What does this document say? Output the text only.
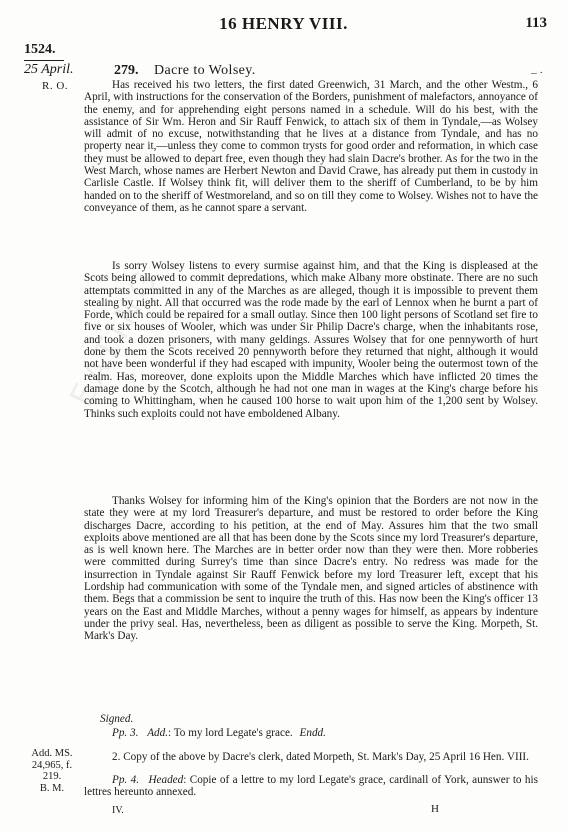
EATING
16 HENRY VIII.	113
1524.
25 April.
R. O.
279. Dacre to Wolsey.	– ·

Has received his two letters, the first dated Greenwich, 31 March, and the other Westm., 6 April, with instructions for the conservation of the Borders, punishment of malefactors, annoyance of the enemy, and for apprehending eight persons named in a schedule. Will do his best, with the assistance of Sir Wm. Heron and Sir Rauff Fenwick, to attach six of them in Tyndale,—as Wolsey will admit of no excuse, notwithstanding that he lives at a distance from Tyndale, and has no property near it,—unless they come to common trysts for good order and reformation, in which case they must be allowed to depart free, even though they had slain Dacre's brother. As for the two in the West March, whose names are Herbert Newton and David Crawe, has already put them in custody in Carlisle Castle. If Wolsey think fit, will deliver them to the sheriff of Cumberland, to be by him handed on to the sheriff of Westmoreland, and so on till they come to Wolsey. Wishes not to have the conveyance of them, as he cannot spare a servant.

Is sorry Wolsey listens to every surmise against him, and that the King is displeased at the Scots being allowed to commit depredations, which make Albany more obstinate. There are no such attemptats committed in any of the Marches as are alleged, though it is impossible to prevent them stealing by night. All that occurred was the rode made by the earl of Lennox when he burnt a part of Forde, which could be repaired for a small outlay. Since then 100 light persons of Scotland set fire to five or six houses of Wooler, which was under Sir Philip Dacre's charge, when the inhabitants rose, and took a dozen prisoners, with many geldings. Assures Wolsey that for one pennyworth of hurt done by them the Scots received 20 pennyworth before they returned that night, although it would not have been wonderful if they had escaped with impunity, Wooler being the outermost town of the realm. Has, moreover, done exploits upon the Middle Marches which have inflicted 20 times the damage done by the Scotch, although he had not one man in wages at the King's charge before his coming to Whittingham, when he caused 100 horse to wait upon him of the 1,200 sent by Wolsey. Thinks such exploits could not have emboldened Albany.

Thanks Wolsey for informing him of the King's opinion that the Borders are not now in the state they were at my lord Treasurer's departure, and must be restored to order before the King discharges Dacre, according to his petition, at the end of May. Assures him that the two small exploits above mentioned are all that has been done by the Scots since my lord Treasurer's departure, as is well known here. The Marches are in better order now than they were then. More robberies were committed during Surrey's time than since Dacre's entry. No redress was made for the insurrection in Tyndale against Sir Rauff Fenwick before my lord Treasurer left, except that his Lordship had communication with some of the Tyndale men, and signed articles of abstinence with them. Begs that a commission be sent to inquire the truth of this. Has now been the King's officer 13 years on the East and Middle Marches, without a penny wages for himself, as appears by indenture under the privy seal. Has, nevertheless, been as diligent as possible to serve the King. Morpeth, St. Mark's Day.

Signed.
Pp. 3. Add.: To my lord Legate's grace. Endd.
Add. MS.
24,965, f. 219.
B. M.
2. Copy of the above by Dacre's clerk, dated Morpeth, St. Mark's Day, 25 April 16 Hen. VIII.
Pp. 4. Headed: Copie of a lettre to my lord Legate's grace, cardinall of York, aunswer to his lettres hereunto annexed.
IV.	H
